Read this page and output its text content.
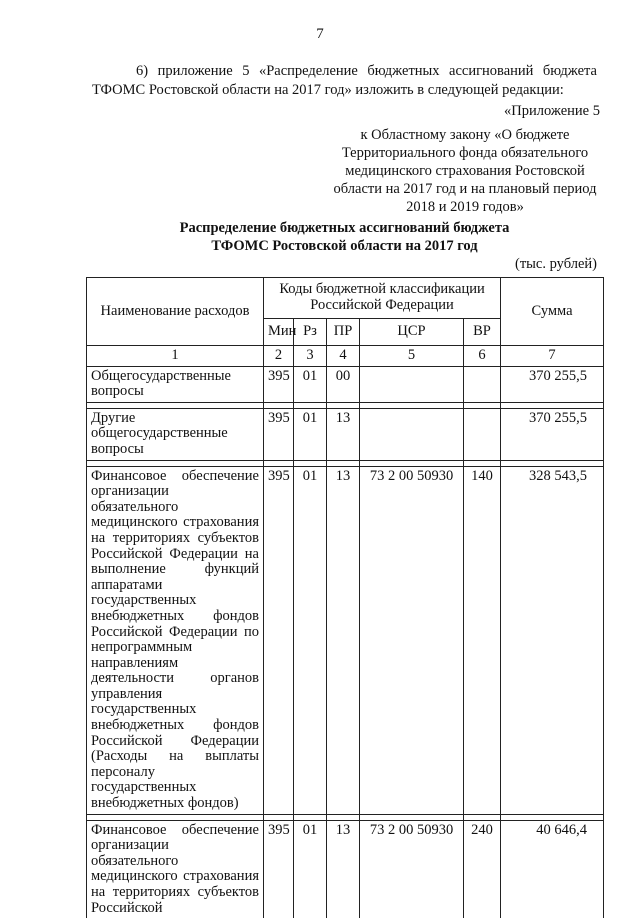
7
6) приложение 5 «Распределение бюджетных ассигнований бюджета ТФОМС Ростовской области на 2017 год» изложить в следующей редакции:
«Приложение 5
к Областному закону «О бюджете Территориального фонда обязательного медицинского страхования Ростовской области на 2017 год и на плановый период 2018 и 2019 годов»
Распределение бюджетных ассигнований бюджета
ТФОМС Ростовской области на 2017 год
(тыс. рублей)
Наименование расходов	Коды бюджетной классификации Российской Федерации					Сумма
	Мин	Рз	ПР	ЦСР	ВР	
1	2	3	4	5	6	7
Общегосударственные вопросы	395	01	00			370 255,5

Другие общегосударственные вопросы	395	01	13			370 255,5

Финансовое обеспечение организации обязательного медицинского страхования на территориях субъектов Российской Федерации на выполнение функций аппаратами государственных внебюджетных фондов Российской Федерации по непрограммным направлениям деятельности органов управления государственных внебюджетных фондов Российской Федерации (Расходы на выплаты персоналу государственных внебюджетных фондов)	395	01	13	73 2 00 50930	140	328 543,5

Финансовое обеспечение организации обязательного медицинского страхования на территориях субъектов Российской	395	01	13	73 2 00 50930	240	40 646,4
